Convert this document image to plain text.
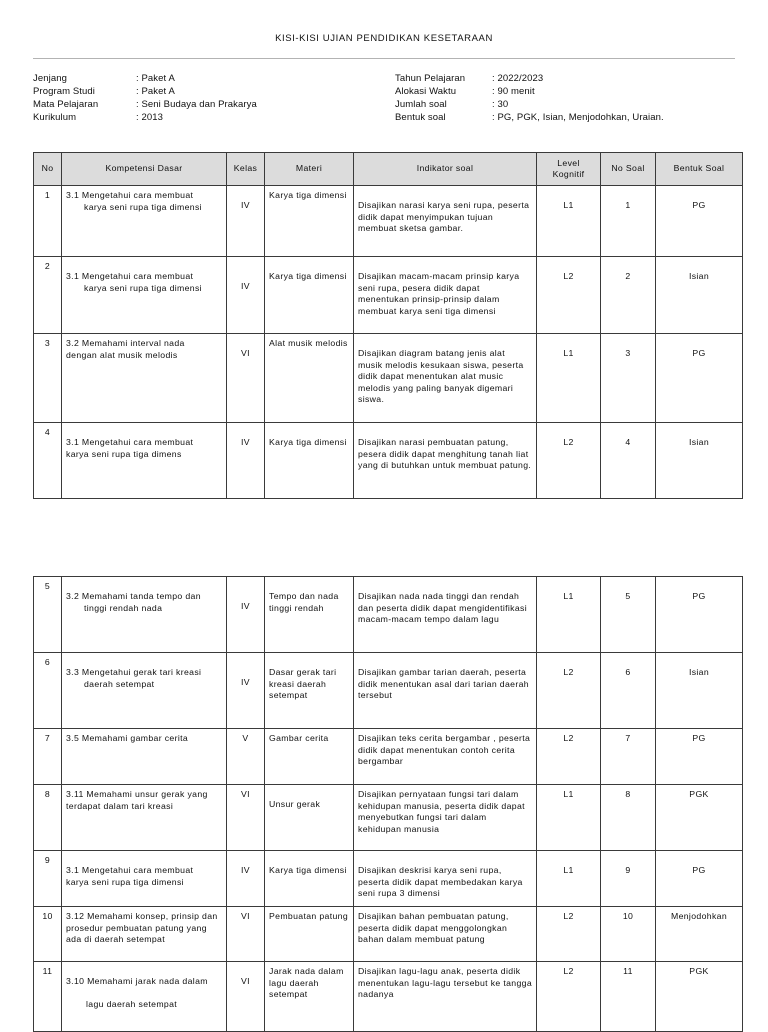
KISI-KISI UJIAN PENDIDIKAN KESETARAAN
Jenjang	: Paket A
Program Studi	: Paket A
Mata Pelajaran	: Seni Budaya dan Prakarya
Kurikulum	: 2013
Tahun Pelajaran	: 2022/2023
Alokasi Waktu	: 90 menit
Jumlah soal	: 30
Bentuk soal	: PG, PGK, Isian, Menjodohkan, Uraian.
No	Kompetensi Dasar	Kelas	Materi	Indikator soal	Level
Kognitif	No Soal	Bentuk Soal
1	3.1 Mengetahui cara membuat
karya seni rupa tiga dimensi	IV	Karya tiga dimensi	Disajikan narasi karya seni rupa, peserta didik dapat menyimpukan tujuan membuat sketsa gambar.	L1	1	PG
2	3.1 Mengetahui cara membuat
karya seni rupa tiga dimensi	IV	Karya tiga dimensi	Disajikan macam-macam prinsip karya seni rupa, pesera didik dapat menentukan prinsip-prinsip dalam membuat karya seni tiga dimensi	L2	2	Isian
3	3.2 Memahami interval nada
dengan alat musik melodis	VI	Alat musik melodis	Disajikan diagram batang jenis alat musik melodis kesukaan siswa, peserta didik dapat menentukan alat music melodis yang paling banyak digemari siswa.	L1	3	PG
4	3.1 Mengetahui cara membuat
karya seni rupa tiga dimens	IV	Karya tiga dimensi	Disajikan narasi pembuatan patung, pesera didik dapat menghitung tanah liat yang di butuhkan untuk membuat patung.	L2	4	Isian
5	3.2 Memahami tanda tempo dan
tinggi rendah nada	IV	Tempo dan nada tinggi rendah	Disajikan nada nada tinggi dan rendah dan peserta didik dapat mengidentifikasi macam-macam tempo dalam lagu	L1	5	PG
6	3.3 Mengetahui gerak tari kreasi
daerah setempat	IV	Dasar gerak tari kreasi daerah setempat	Disajikan gambar tarian daerah, peserta didik menentukan asal dari tarian daerah tersebut	L2	6	Isian
7	3.5 Memahami gambar cerita	V	Gambar cerita	Disajikan teks cerita bergambar , peserta didik dapat menentukan contoh cerita bergambar	L2	7	PG
8	3.11 Memahami unsur gerak yang
terdapat dalam tari kreasi	VI	Unsur gerak	Disajikan pernyataan fungsi tari dalam kehidupan manusia, peserta didik dapat menyebutkan fungsi tari dalam kehidupan manusia	L1	8	PGK
9	3.1 Mengetahui cara membuat
karya seni rupa tiga dimensi	IV	Karya tiga dimensi	Disajikan deskrisi karya seni rupa, peserta didik dapat membedakan karya seni rupa 3 dimensi	L1	9	PG
10	3.12 Memahami konsep, prinsip dan prosedur pembuatan patung yang ada di daerah setempat	VI	Pembuatan patung	Disajikan bahan pembuatan patung, peserta didik dapat menggolongkan bahan dalam membuat patung	L2	10	Menjodohkan
11	3.10 Memahami jarak nada dalam

lagu daerah setempat	VI	Jarak nada dalam lagu daerah setempat	Disajikan lagu-lagu anak, peserta didik menentukan lagu-lagu tersebut ke tangga nadanya	L2	11	PGK
